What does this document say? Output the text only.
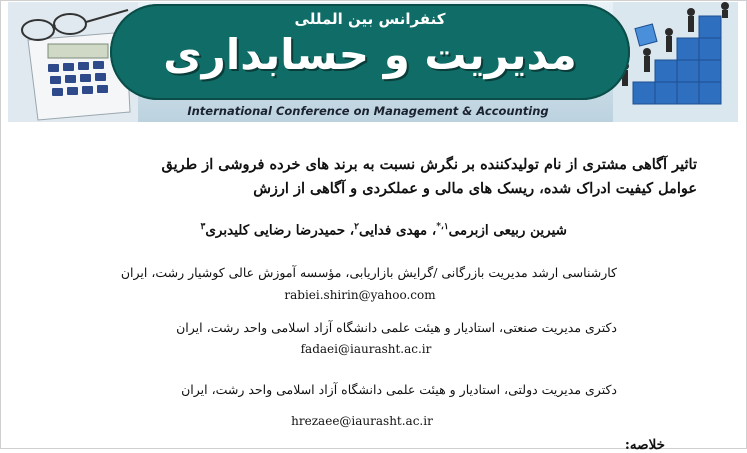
کنفرانس بین المللی
مدیریت و حسابداری
International Conference on Management & Accounting
تاثیر آگاهی مشتری از نام تولیدکننده بر نگرش نسبت به برند های خرده فروشی از طریق
عوامل کیفیت ادراک شده، ریسک های مالی و عملکردی و آگاهی از ارزش
شیرین ربیعی ازبرمی$^{۱،*}$، مهدی فدایی$^۲$، حمیدرضا رضایی کلیدبری$^۳$
کارشناسی ارشد مدیریت بازرگانی /گرایش بازاریابی، مؤسسه آموزش عالی کوشیار رشت، ایران
rabiei.shirin@yahoo.com
دکتری مدیریت صنعتی، استادیار و هیئت علمی دانشگاه آزاد اسلامی واحد رشت، ایران
fadaei@iaurasht.ac.ir
دکتری مدیریت دولتی، استادیار و هیئت علمی دانشگاه آزاد اسلامی واحد رشت، ایران
hrezaee@iaurasht.ac.ir
خلاصه:
